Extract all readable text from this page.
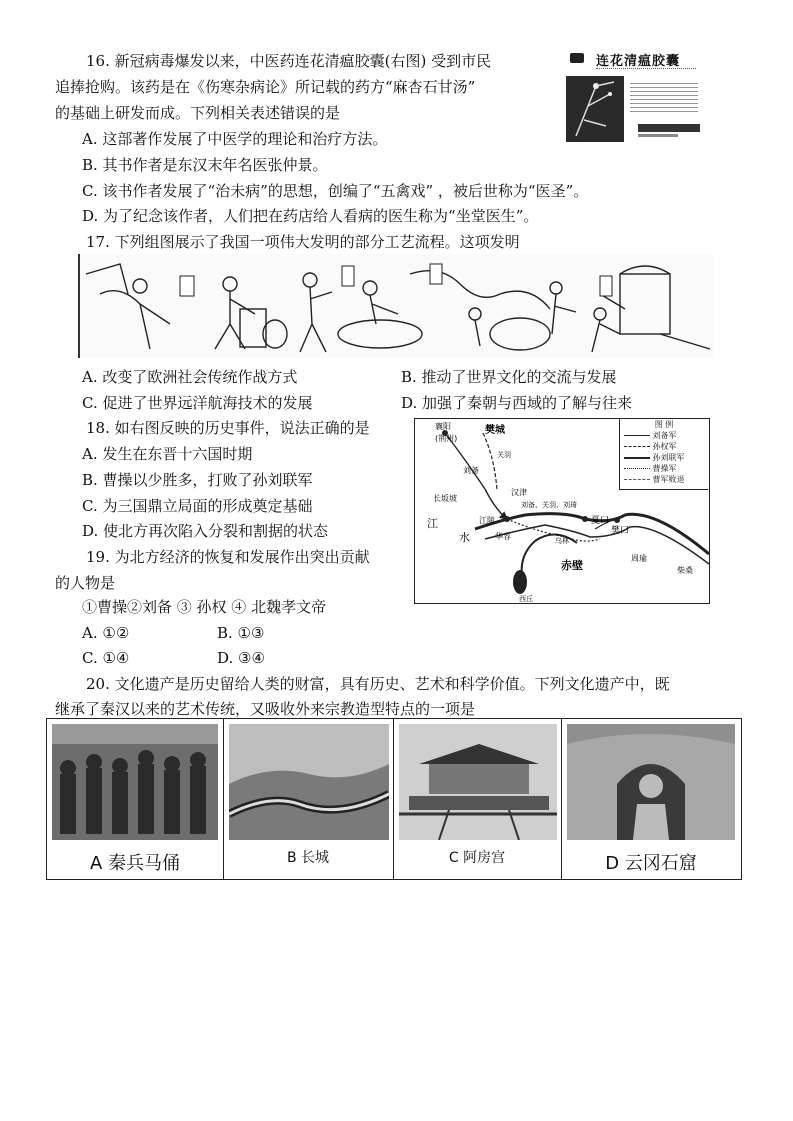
16. 新冠病毒爆发以来，中医药连花清瘟胶囊(右图) 受到市民
追捧抢购。该药是在《伤寒杂病论》所记载的药方“麻杏石甘汤”
的基础上研发而成。下列相关表述错误的是
A. 这部著作发展了中医学的理论和治疗方法。
B. 其书作者是东汉末年名医张仲景。
C. 该书作者发展了“治未病”的思想，创编了“五禽戏” ，被后世称为“医圣”。
D. 为了纪念该作者，人们把在药店给人看病的医生称为“坐堂医生”。
连花清瘟胶囊
17. 下列组图展示了我国一项伟大发明的部分工艺流程。这项发明
A. 改变了欧洲社会传统作战方式	B. 推动了世界文化的交流与发展
C. 促进了世界远洋航海技术的发展	D. 加强了秦朝与西域的了解与往来
18. 如右图反映的历史事件，说法正确的是
A. 发生在东晋十六国时期
B. 曹操以少胜多，打败了孙刘联军
C. 为三国鼎立局面的形成奠定基础
D. 使北方再次陷入分裂和割据的状态
襄阳
(荆州)
樊城
关羽
刘备
汉津
长坂坡
刘备、关羽、刘琦
江
水
江陵
华容
夏口
樊口
周瑜
柴桑
赤壁
乌林
西丘
图 例
刘备军
孙权军
孙刘联军
曹操军
曹军败退
19. 为北方经济的恢复和发展作出突出贡献
的人物是
①曹操②刘备 ③ 孙权 ④ 北魏孝文帝
A. ①②	B. ①③
C. ①④	D. ③④
20. 文化遗产是历史留给人类的财富，具有历史、艺术和科学价值。下列文化遗产中，既
继承了秦汉以来的艺术传统，又吸收外来宗教造型特点的一项是
A 秦兵马俑	B 长城	C 阿房宫	D 云冈石窟
